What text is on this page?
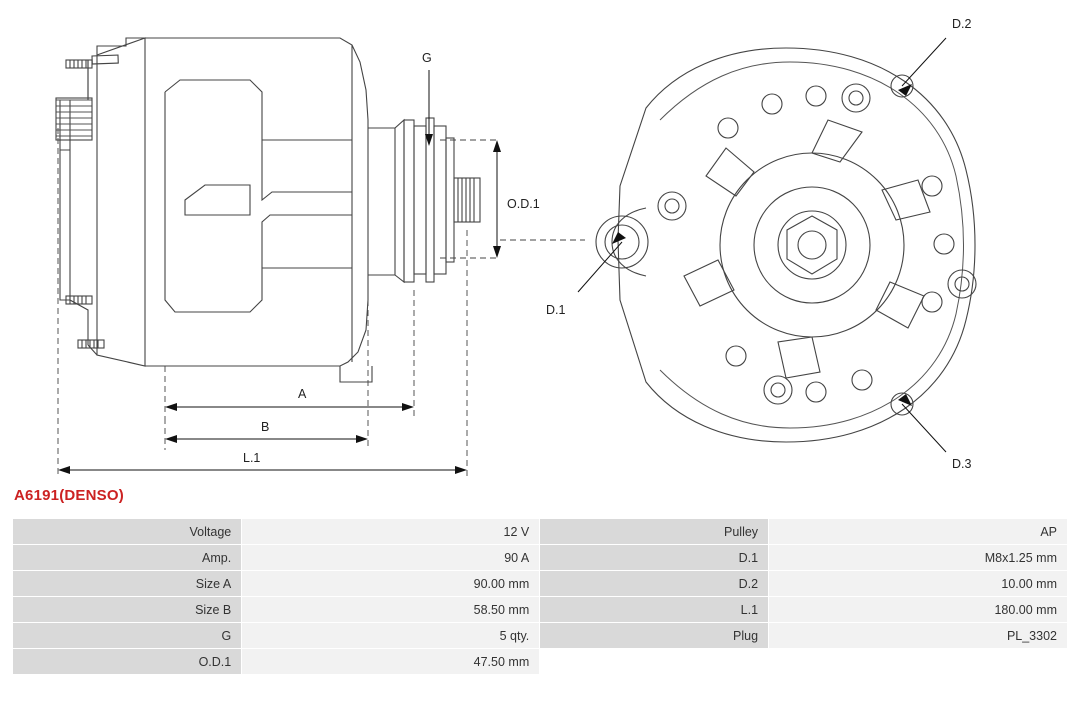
G
O.D.1
A
B
L.1
D.2
D.1
D.3
A6191(DENSO)
Voltage	12 V	Pulley	AP
Amp.	90 A	D.1	M8x1.25 mm
Size A	90.00 mm	D.2	10.00 mm
Size B	58.50 mm	L.1	180.00 mm
G	5 qty.	Plug	PL_3302
O.D.1	47.50 mm		
